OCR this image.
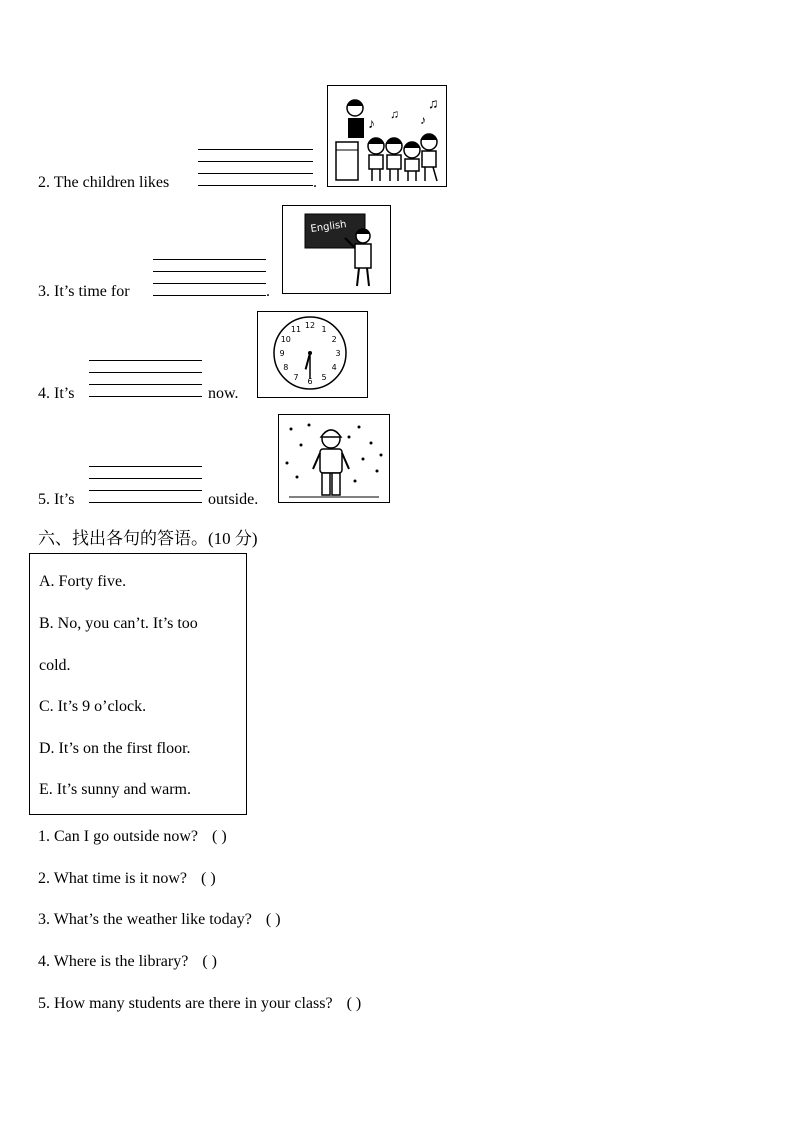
2. The children likes	.
♪
♫ ♪
♫
3. It’s time for	.
English
4. It’s	now.
1
2
3
4
5
6
7
8
9
10
11 12
5. It’s	outside.
六、找出各句的答语。(10 分)
A. Forty five.
B. No, you can’t. It’s too
cold.
C. It’s 9 o’clock.
D. It’s on the first floor.
E. It’s sunny and warm.
1. Can I go outside now? ( )
2. What time is it now? ( )
3. What’s the weather like today? ( )
4. Where is the library? ( )
5. How many students are there in your class? ( )
